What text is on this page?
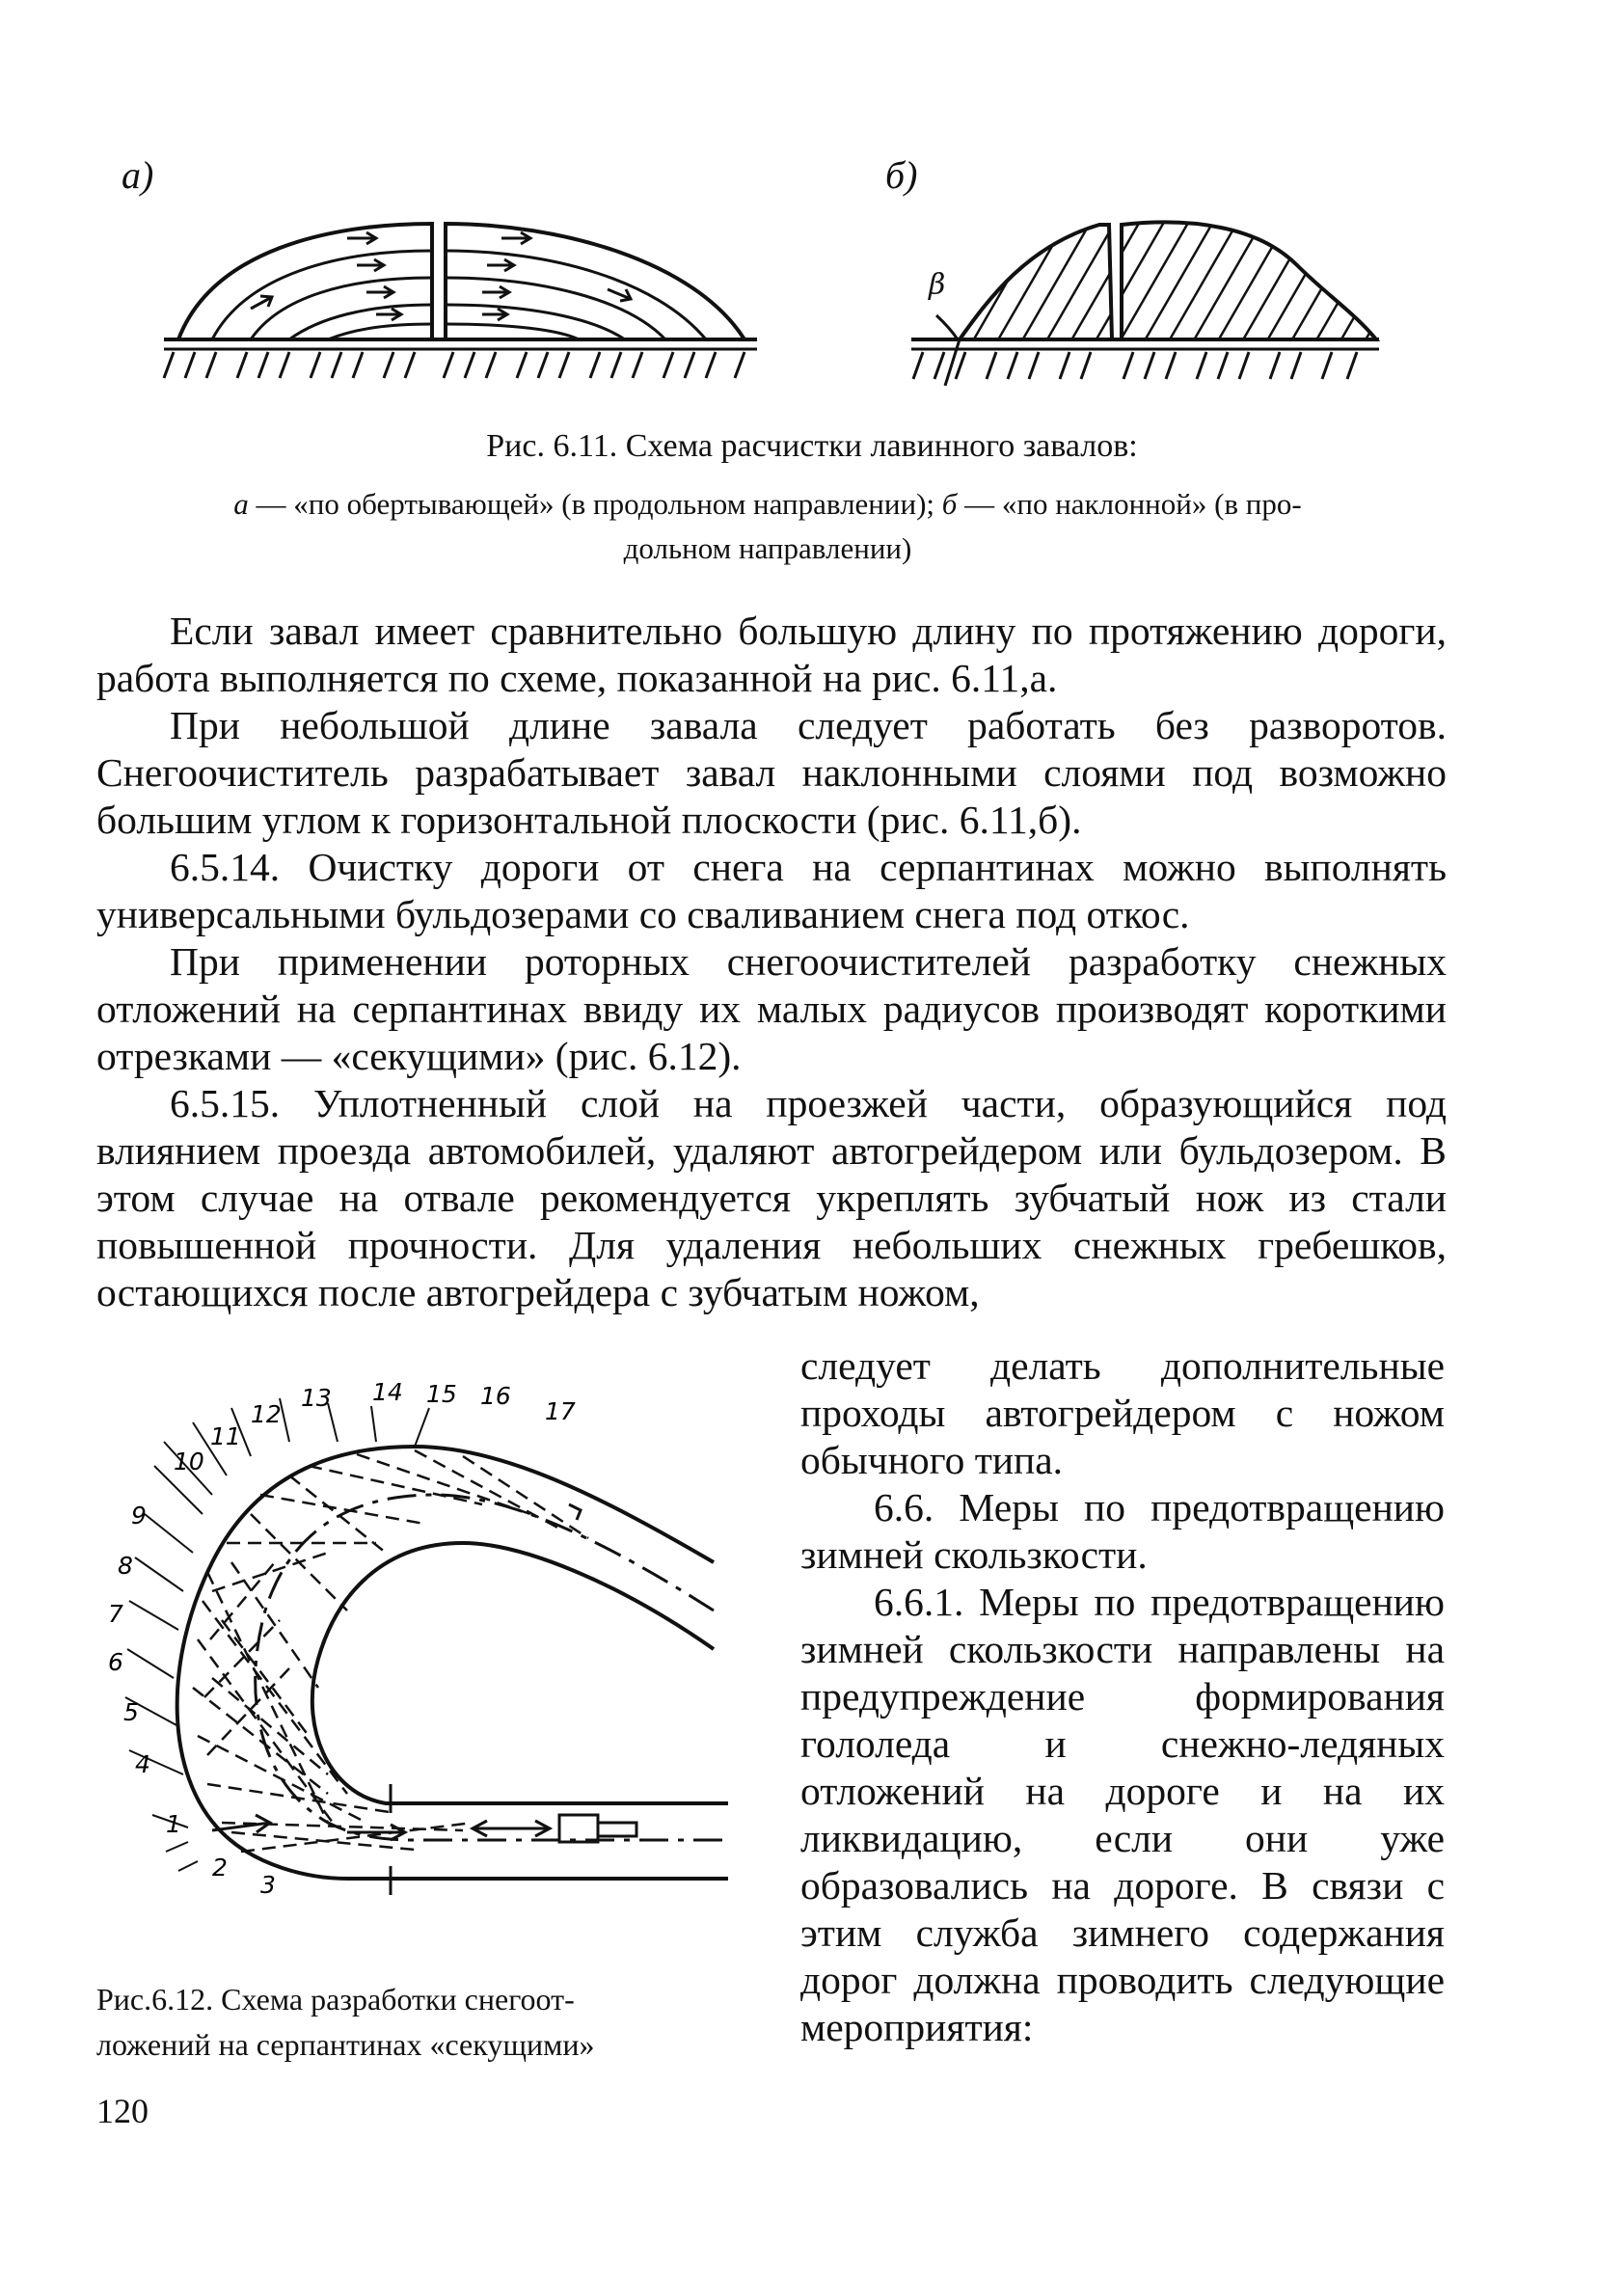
а)	б)
β
Рис. 6.11. Схема расчистки лавинного завалов:
а — «по обертывающей» (в продольном направлении); б — «по наклонной» (в про-
дольном направлении)

Если завал имеет сравнительно большую длину по протяжению дороги, работа выполняется по схеме, показанной на рис. 6.11,а.

При небольшой длине завала следует работать без разворотов. Снегоочиститель разрабатывает завал наклонными слоями под возможно большим углом к горизонтальной плоскости (рис. 6.11,б).

6.5.14. Очистку дороги от снега на серпантинах можно выполнять универсальными бульдозерами со сваливанием снега под откос.

При применении роторных снегоочистителей разработку снежных отложений на серпантинах ввиду их малых радиусов производят короткими отрезками — «секущими» (рис. 6.12).

6.5.15. Уплотненный слой на проезжей части, образующийся под влиянием проезда автомобилей, удаляют автогрейдером или бульдозером. В этом случае на отвале рекомендуется укреплять зубчатый нож из стали повышенной прочности. Для удаления небольших снежных гребешков, остающихся после автогрейдера с зубчатым ножом,

следует делать дополнительные проходы автогрейдером с ножом обычного типа.

6.6. Меры по предотвращению зимней скользкости.

6.6.1. Меры по предотвращению зимней скользкости направлены на предупреждение формирования гололеда и снежно-ледяных отложений на дороге и на их ликвидацию, если они уже образовались на дороге. В связи с этим служба зимнего содержания дорог должна проводить следующие мероприятия:

1
2
3
4
5
6
7
8
9
10
11
12
13 14 15 16
17
Рис.6.12. Схема разработки снегоот-
ложений на серпантинах «секущими»
120
